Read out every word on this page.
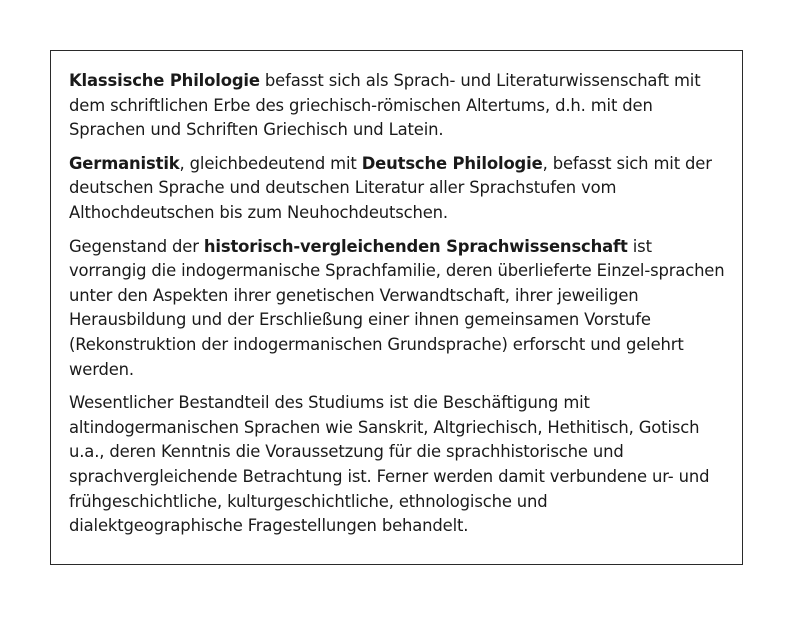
Klassische Philologie befasst sich als Sprach- und Literaturwissenschaft mit dem schriftlichen Erbe des griechisch-römischen Altertums, d.h. mit den Sprachen und Schriften Griechisch und Latein.

Germanistik, gleichbedeutend mit Deutsche Philologie, befasst sich mit der deutschen Sprache und deutschen Literatur aller Sprachstufen vom Althochdeutschen bis zum Neuhochdeutschen.

Gegenstand der historisch-vergleichenden Sprachwissenschaft ist vorrangig die indogermanische Sprachfamilie, deren überlieferte Einzel-sprachen unter den Aspekten ihrer genetischen Verwandtschaft, ihrer jeweiligen Herausbildung und der Erschließung einer ihnen gemeinsamen Vorstufe (Rekonstruktion der indogermanischen Grundsprache) erforscht und gelehrt werden.

Wesentlicher Bestandteil des Studiums ist die Beschäftigung mit altindogermanischen Sprachen wie Sanskrit, Altgriechisch, Hethitisch, Gotisch u.a., deren Kenntnis die Voraussetzung für die sprachhistorische und sprachvergleichende Betrachtung ist. Ferner werden damit verbundene ur- und frühgeschichtliche, kulturgeschichtliche, ethnologische und dialektgeographische Fragestellungen behandelt.
